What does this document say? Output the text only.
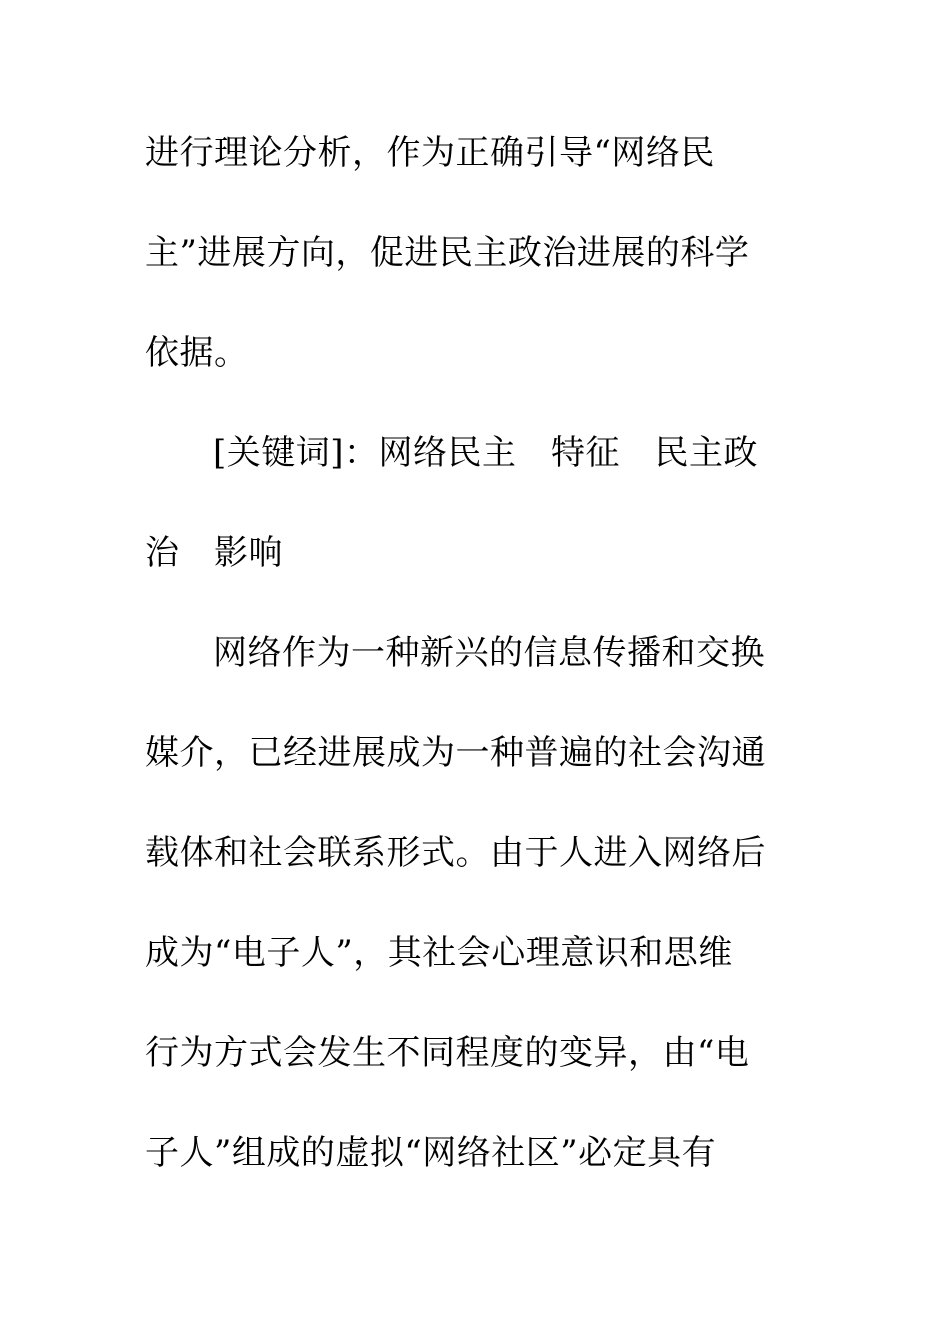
进行理论分析，作为正确引导“网络民
主”进展方向，促进民主政治进展的科学
依据。
[关键词]：网络民主　特征　民主政
治　影响
网络作为一种新兴的信息传播和交换
媒介，已经进展成为一种普遍的社会沟通
载体和社会联系形式。由于人进入网络后
成为“电子人”，其社会心理意识和思维
行为方式会发生不同程度的变异，由“电
子人”组成的虚拟“网络社区”必定具有
